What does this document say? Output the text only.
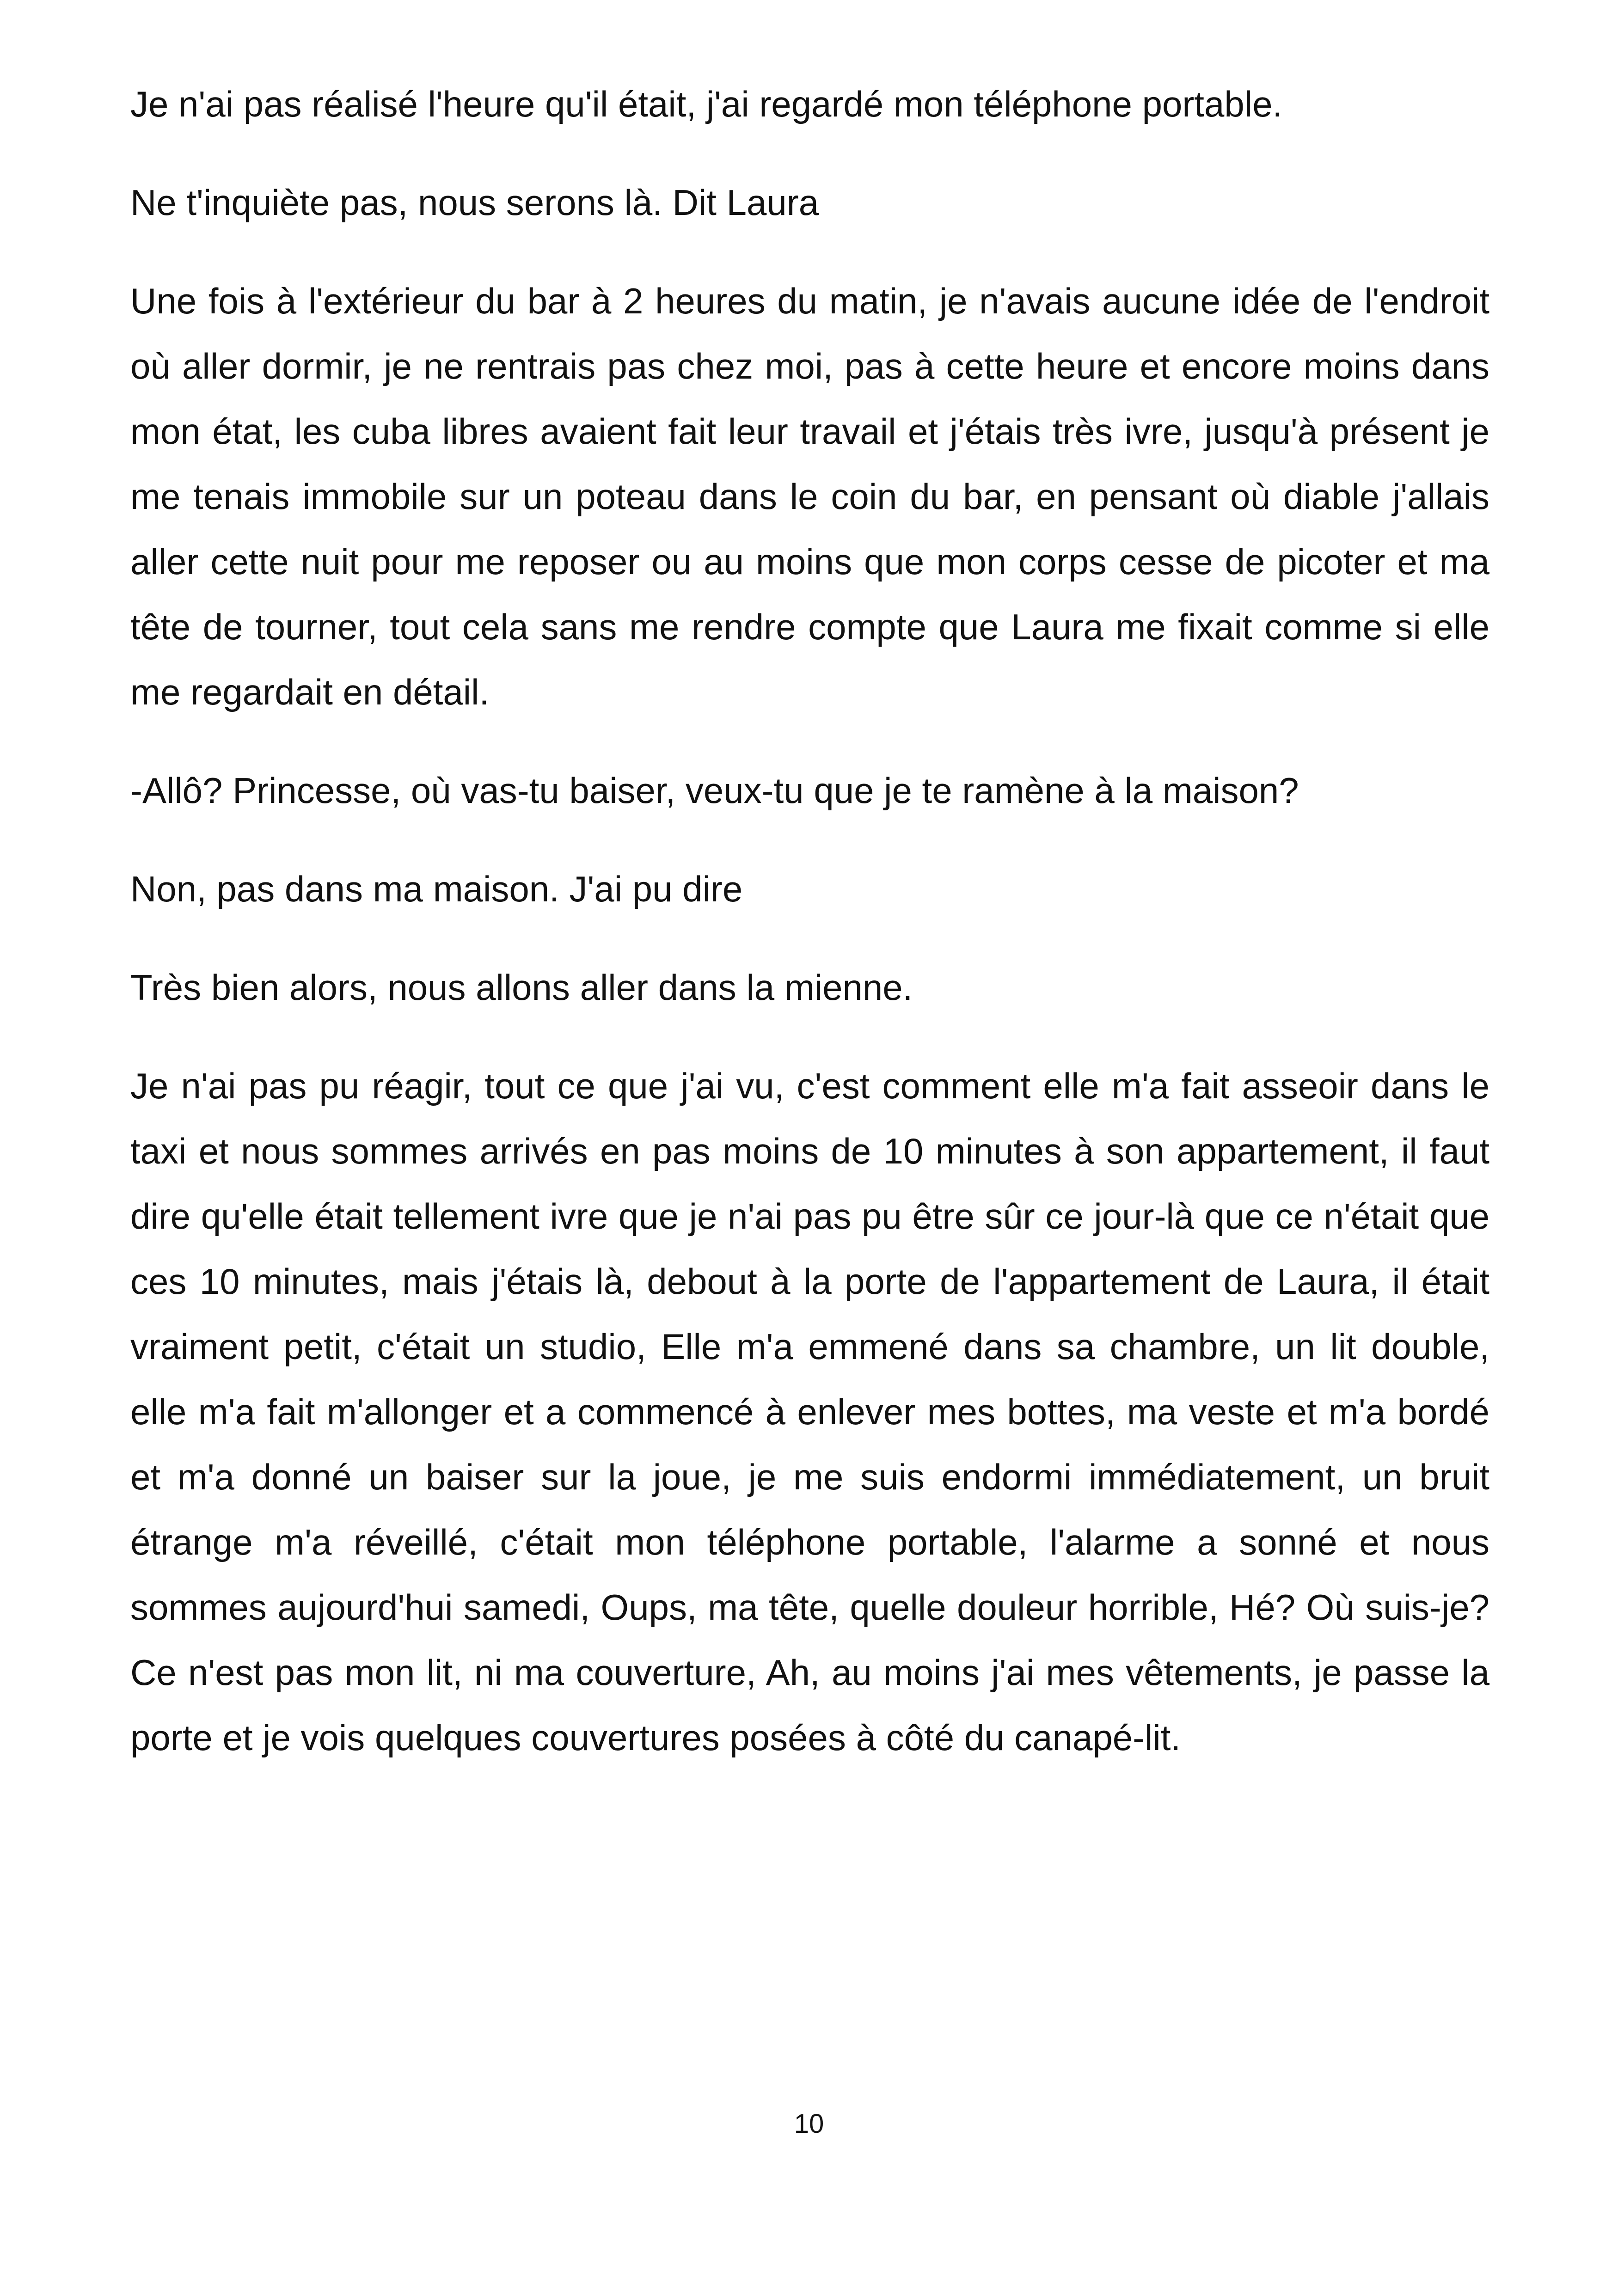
Je n'ai pas réalisé l'heure qu'il était, j'ai regardé mon téléphone portable.

Ne t'inquiète pas, nous serons là. Dit Laura

Une fois à l'extérieur du bar à 2 heures du matin, je n'avais aucune idée de l'endroit où aller dormir, je ne rentrais pas chez moi, pas à cette heure et encore moins dans mon état, les cuba libres avaient fait leur travail et j'étais très ivre, jusqu'à présent je me tenais immobile sur un poteau dans le coin du bar, en pensant où diable j'allais aller cette nuit pour me reposer ou au moins que mon corps cesse de picoter et ma tête de tourner, tout cela sans me rendre compte que Laura me fixait comme si elle me regardait en détail.

-Allô? Princesse, où vas-tu baiser, veux-tu que je te ramène à la maison?

Non, pas dans ma maison. J'ai pu dire

Très bien alors, nous allons aller dans la mienne.

Je n'ai pas pu réagir, tout ce que j'ai vu, c'est comment elle m'a fait asseoir dans le taxi et nous sommes arrivés en pas moins de 10 minutes à son appartement, il faut dire qu'elle était tellement ivre que je n'ai pas pu être sûr ce jour-là que ce n'était que ces 10 minutes, mais j'étais là, debout à la porte de l'appartement de Laura, il était vraiment petit, c'était un studio, Elle m'a emmené dans sa chambre, un lit double, elle m'a fait m'allonger et a commencé à enlever mes bottes, ma veste et m'a bordé et m'a donné un baiser sur la joue, je me suis endormi immédiatement, un bruit étrange m'a réveillé, c'était mon téléphone portable, l'alarme a sonné et nous sommes aujourd'hui samedi, Oups, ma tête, quelle douleur horrible, Hé? Où suis-je? Ce n'est pas mon lit, ni ma couverture, Ah, au moins j'ai mes vêtements, je passe la porte et je vois quelques couvertures posées à côté du canapé-lit.

10
